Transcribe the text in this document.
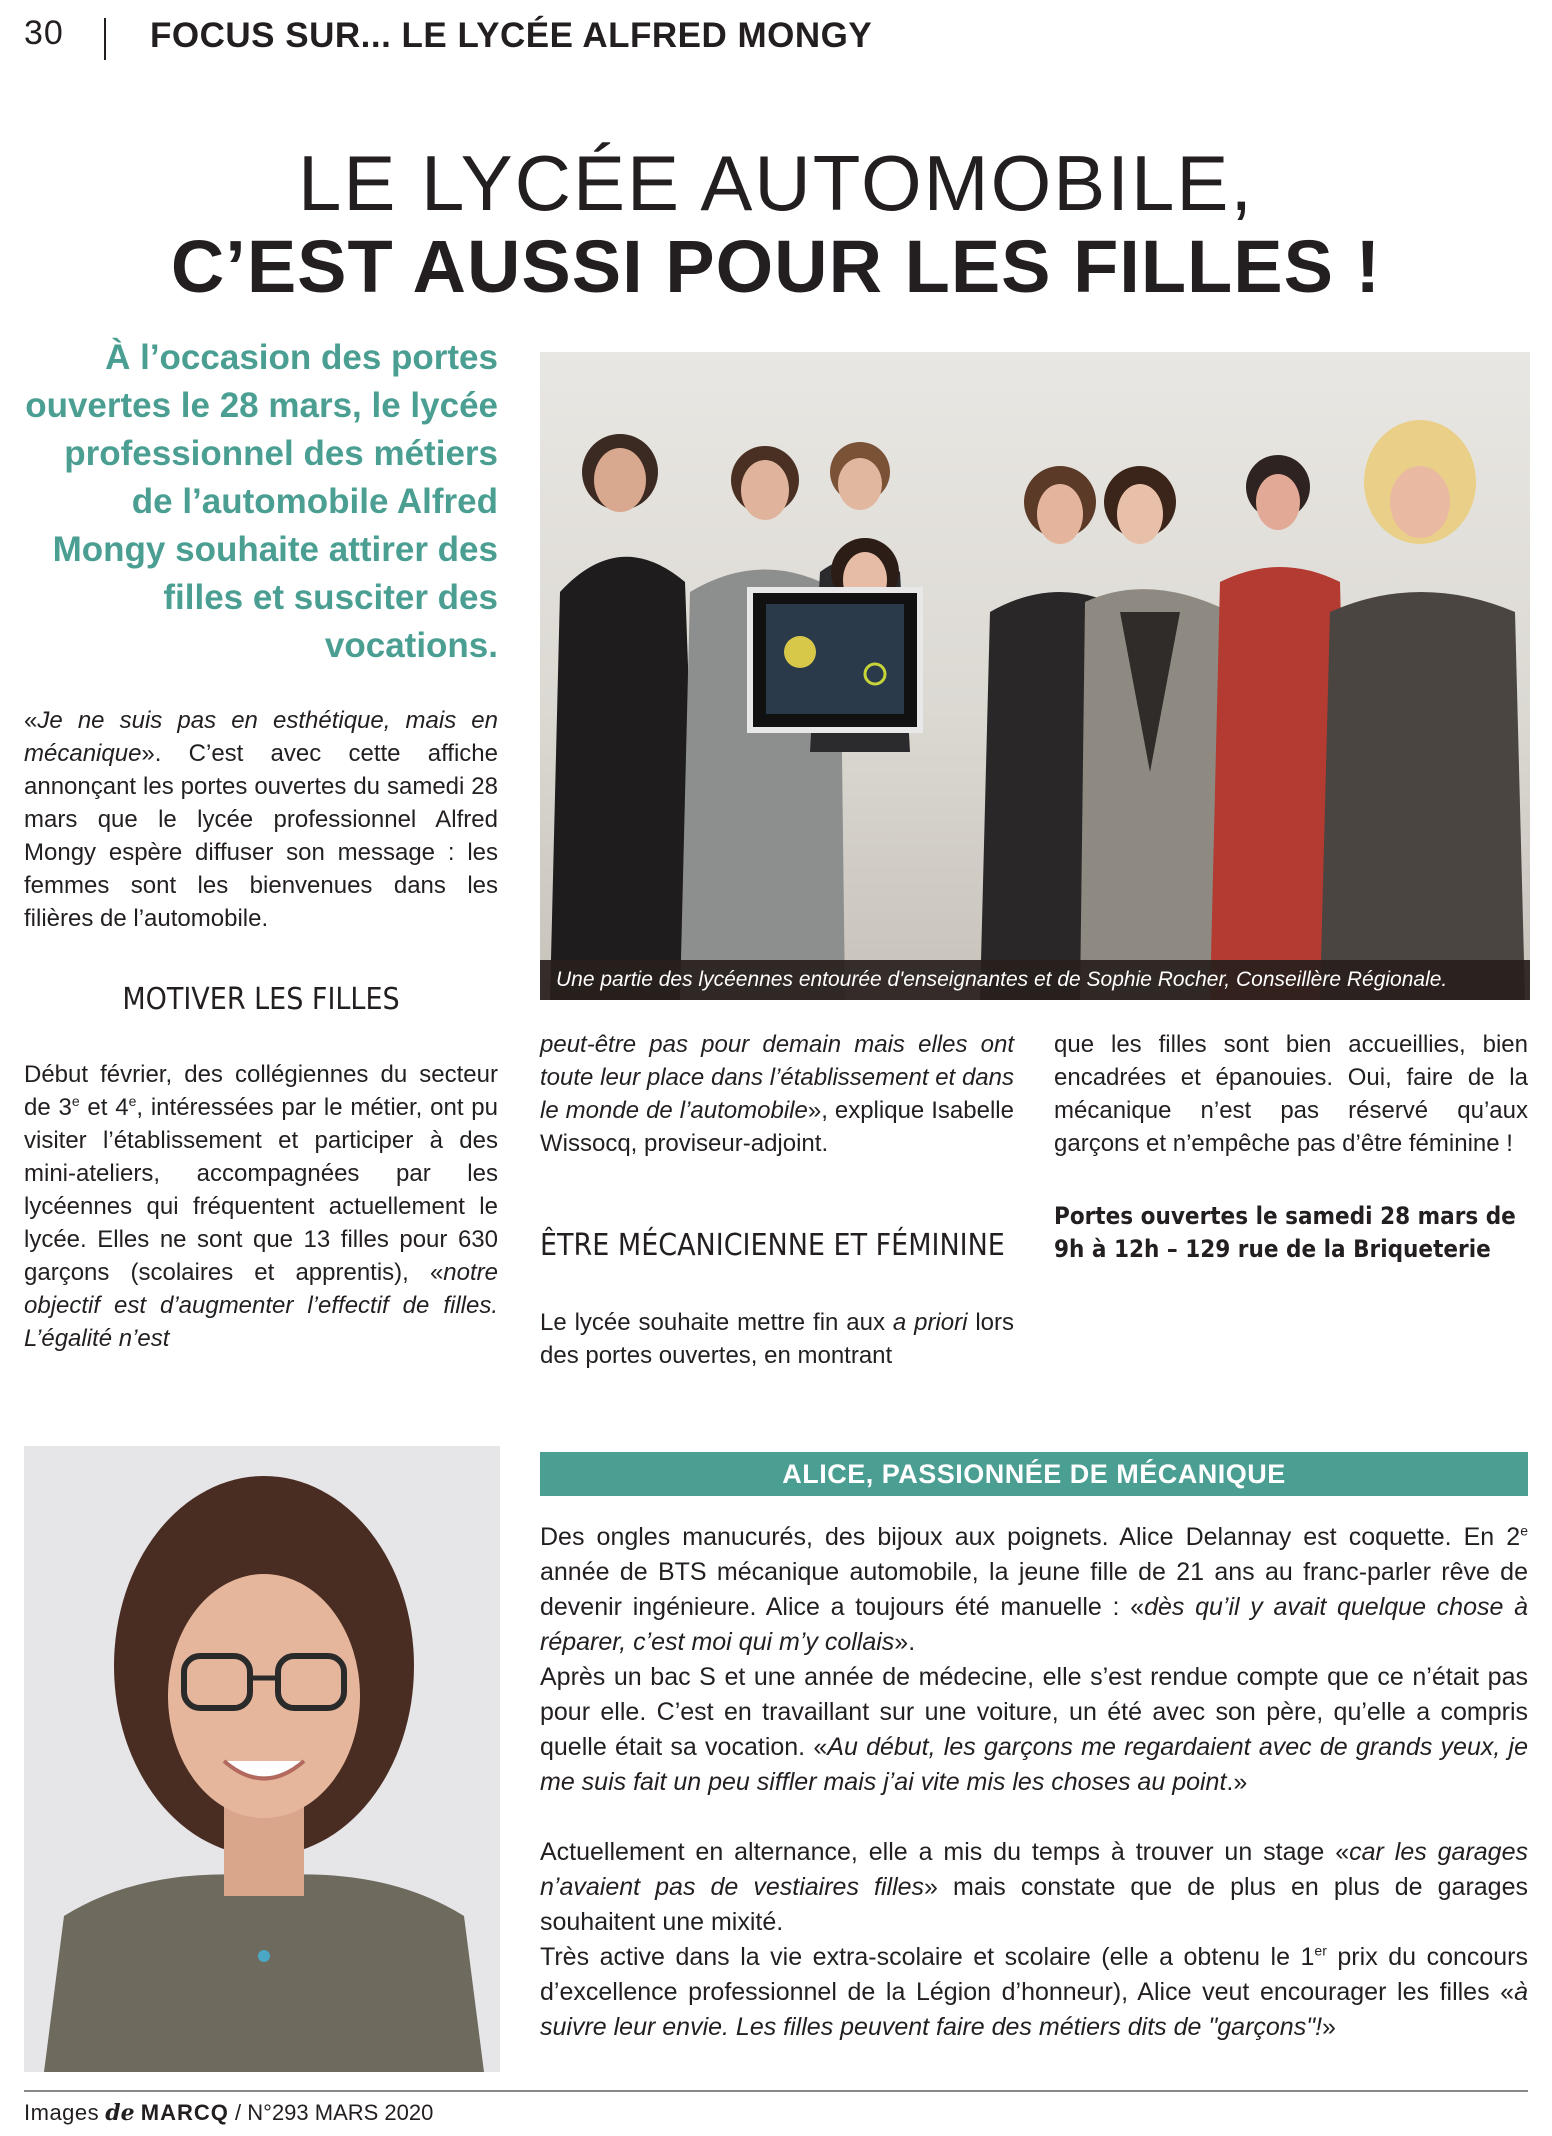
30 FOCUS SUR... LE LYCÉE ALFRED MONGY
LE LYCÉE AUTOMOBILE,
C’EST AUSSI POUR LES FILLES !
À l’occasion des portes ouvertes le 28 mars, le lycée professionnel des métiers de l’automobile Alfred Mongy souhaite attirer des filles et susciter des vocations.

«Je ne suis pas en esthétique, mais en mécanique». C’est avec cette affiche annonçant les portes ouvertes du samedi 28 mars que le lycée professionnel Alfred Mongy espère diffuser son message : les femmes sont les bienvenues dans les filières de l’automobile.

MOTIVER LES FILLES

Début février, des collégiennes du secteur de 3e et 4e, intéressées par le métier, ont pu visiter l’établissement et participer à des mini-ateliers, accompagnées par les lycéennes qui fréquentent actuellement le lycée. Elles ne sont que 13 filles pour 630 garçons (scolaires et apprentis), «notre objectif est d’augmenter l’effectif de filles. L’égalité n’est

peut-être pas pour demain mais elles ont toute leur place dans l’établissement et dans le monde de l’automobile», explique Isabelle Wissocq, proviseur-adjoint.

ÊTRE MÉCANICIENNE ET FÉMININE

Le lycée souhaite mettre fin aux a priori lors des portes ouvertes, en montrant

que les filles sont bien accueillies, bien encadrées et épanouies. Oui, faire de la mécanique n’est pas réservé qu’aux garçons et n’empêche pas d’être féminine !
Portes ouvertes le samedi 28 mars de 9h à 12h – 129 rue de la Briqueterie
Une partie des lycéennes entourée d'enseignantes et de Sophie Rocher, Conseillère Régionale.
ALICE, PASSIONNÉE DE MÉCANIQUE

Des ongles manucurés, des bijoux aux poignets. Alice Delannay est coquette. En 2e année de BTS mécanique automobile, la jeune fille de 21 ans au franc-parler rêve de devenir ingénieure. Alice a toujours été manuelle : «dès qu’il y avait quelque chose à réparer, c’est moi qui m’y collais».

Après un bac S et une année de médecine, elle s’est rendue compte que ce n’était pas pour elle. C’est en travaillant sur une voiture, un été avec son père, qu’elle a compris quelle était sa vocation. «Au début, les garçons me regardaient avec de grands yeux, je me suis fait un peu siffler mais j’ai vite mis les choses au point.»

Actuellement en alternance, elle a mis du temps à trouver un stage «car les garages n’avaient pas de vestiaires filles» mais constate que de plus en plus de garages souhaitent une mixité.

Très active dans la vie extra-scolaire et scolaire (elle a obtenu le 1er prix du concours d’excellence professionnel de la Légion d’honneur), Alice veut encourager les filles «à suivre leur envie. Les filles peuvent faire des métiers dits de "garçons"!»

Images de MARCQ / N°293 MARS 2020
